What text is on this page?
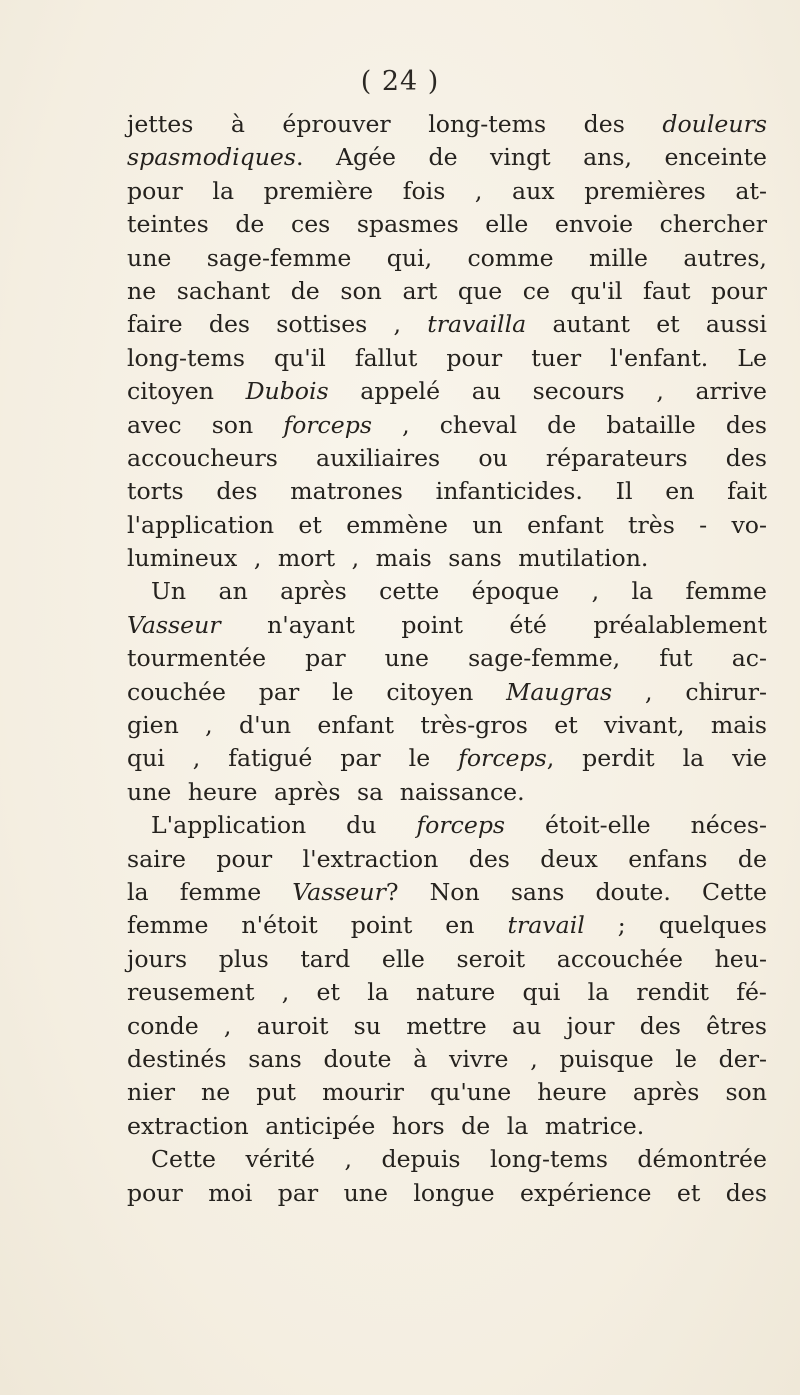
( 24 )
jettes à éprouver long-tems des douleurs
spasmodiques. Agée de vingt ans, enceinte
pour la première fois , aux premières at-
teintes de ces spasmes elle envoie chercher
une sage-femme qui, comme mille autres,
ne sachant de son art que ce qu'il faut pour
faire des sottises , travailla autant et aussi
long-tems qu'il fallut pour tuer l'enfant. Le
citoyen Dubois appelé au secours , arrive
avec son forceps , cheval de bataille des
accoucheurs auxiliaires ou réparateurs des
torts des matrones infanticides. Il en fait
l'application et emmène un enfant très - vo-
lumineux , mort , mais sans mutilation.
Un an après cette époque , la femme
Vasseur n'ayant point été préalablement
tourmentée par une sage-femme, fut ac-
couchée par le citoyen Maugras , chirur-
gien , d'un enfant très-gros et vivant, mais
qui , fatigué par le forceps, perdit la vie
une heure après sa naissance.
L'application du forceps étoit-elle néces-
saire pour l'extraction des deux enfans de
la femme Vasseur? Non sans doute. Cette
femme n'étoit point en travail ; quelques
jours plus tard elle seroit accouchée heu-
reusement , et la nature qui la rendit fé-
conde , auroit su mettre au jour des êtres
destinés sans doute à vivre , puisque le der-
nier ne put mourir qu'une heure après son
extraction anticipée hors de la matrice.
Cette vérité , depuis long-tems démontrée
pour moi par une longue expérience et des
